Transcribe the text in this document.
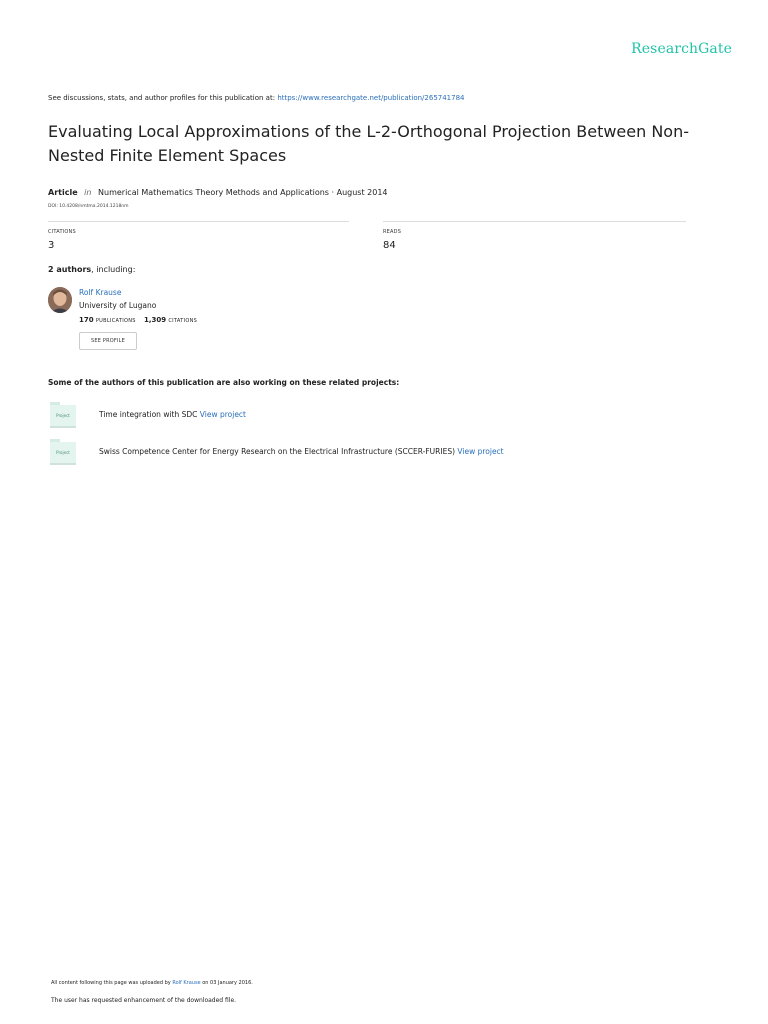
ResearchGate
See discussions, stats, and author profiles for this publication at: https://www.researchgate.net/publication/265741784
Evaluating Local Approximations of the L-2-Orthogonal Projection Between Non-Nested Finite Element Spaces
Article in Numerical Mathematics Theory Methods and Applications · August 2014
DOI: 10.4208/nmtma.2014.1218nm
CITATIONS
3
READS
84
2 authors, including:
Rolf Krause
University of Lugano
170 PUBLICATIONS 1,309 CITATIONS
SEE PROFILE
Some of the authors of this publication are also working on these related projects:
Project	Time integration with SDC View project
Project	Swiss Competence Center for Energy Research on the Electrical Infrastructure (SCCER-FURIES) View project
All content following this page was uploaded by Rolf Krause on 03 January 2016.
The user has requested enhancement of the downloaded file.
